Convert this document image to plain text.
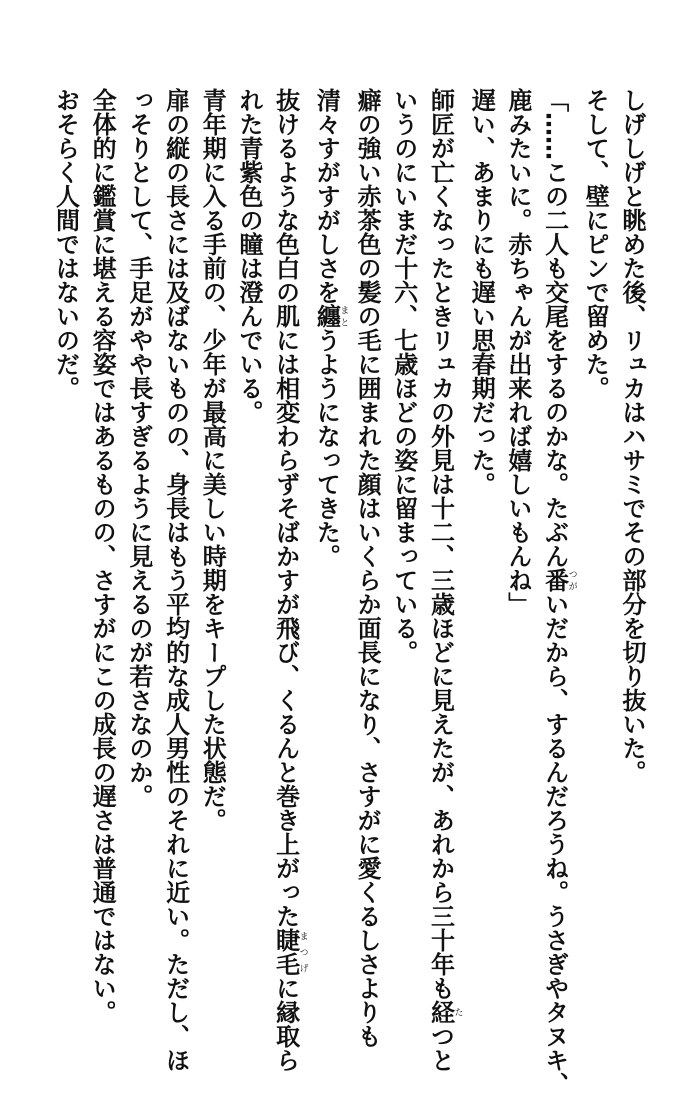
しげしげと眺めた後、リュカはハサミでその部分を切り抜いた。
そして、壁にピンで留めた。
「……この二人も交尾をするのかな。たぶん番つがいだから、するんだろうね。うさぎやタヌキ、
鹿みたいに。赤ちゃんが出来れば嬉しいもんね」
遅い、あまりにも遅い思春期だった。
師匠が亡くなったときリュカの外見は十二、三歳ほどに見えたが、あれから三十年も経たつと
いうのにいまだ十六、七歳ほどの姿に留まっている。
癖の強い赤茶色の髪の毛に囲まれた顔はいくらか面長になり、さすがに愛くるしさよりも
清々すがすがしさを纏まとうようになってきた。
抜けるような色白の肌には相変わらずそばかすが飛び、くるんと巻き上がった睫毛まつげに縁取ら
れた青紫色の瞳は澄んでいる。
青年期に入る手前の、少年が最高に美しい時期をキープした状態だ。
扉の縦の長さには及ばないものの、身長はもう平均的な成人男性のそれに近い。ただし、ほ
っそりとして、手足がやや長すぎるように見えるのが若さなのか。
全体的に鑑賞に堪える容姿ではあるものの、さすがにこの成長の遅さは普通ではない。
おそらく人間ではないのだ。
